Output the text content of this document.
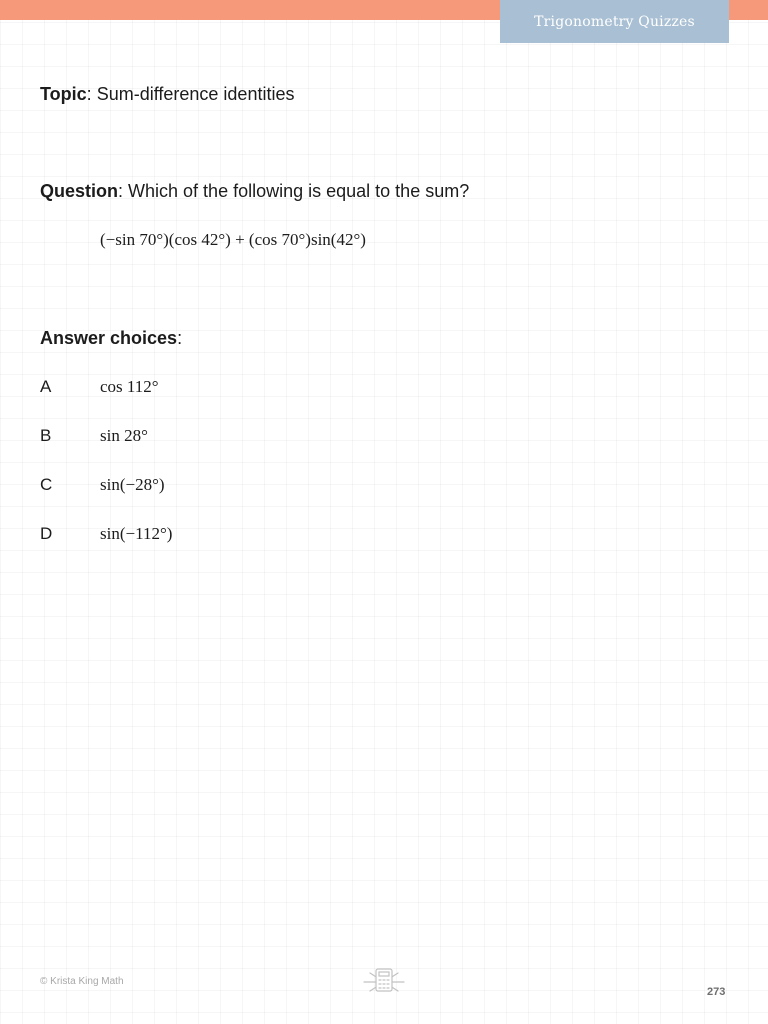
Trigonometry Quizzes
Topic: Sum-difference identities
Question: Which of the following is equal to the sum?
(−sin 70°)(cos 42°) + (cos 70°)sin(42°)
Answer choices:
A	cos 112°
B	sin 28°
C	sin(−28°)
D	sin(−112°)
© Krista King Math
273
